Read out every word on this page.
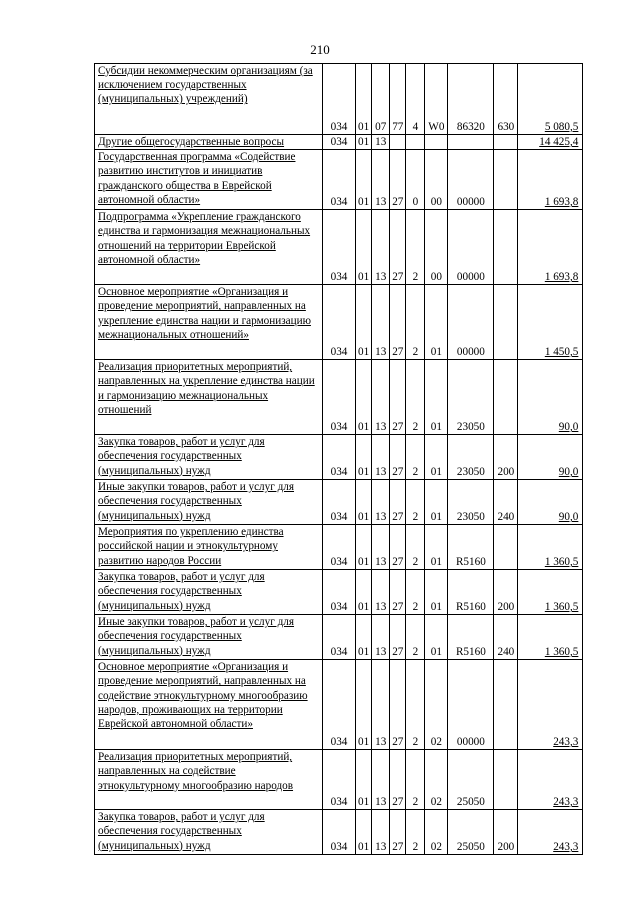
210
Субсидии некоммерческим организациям (за исключением государственных (муниципальных) учреждений)	034	01	07	77	4	W0	86320	630	5 080,5
Другие общегосударственные вопросы	034	01	13						14 425,4
Государственная программа «Содействие развитию институтов и инициатив гражданского общества в Еврейской автономной области»	034	01	13	27	0	00	00000		1 693,8
Подпрограмма «Укрепление гражданского единства и гармонизация межнациональных отношений на территории Еврейской автономной области»	034	01	13	27	2	00	00000		1 693,8
Основное мероприятие «Организация и проведение мероприятий, направленных на укрепление единства нации и гармонизацию межнациональных отношений»	034	01	13	27	2	01	00000		1 450,5
Реализация приоритетных мероприятий, направленных на укрепление единства нации и гармонизацию межнациональных отношений	034	01	13	27	2	01	23050		90,0
Закупка товаров, работ и услуг для обеспечения государственных (муниципальных) нужд	034	01	13	27	2	01	23050	200	90,0
Иные закупки товаров, работ и услуг для обеспечения государственных (муниципальных) нужд	034	01	13	27	2	01	23050	240	90,0
Мероприятия по укреплению единства российской нации и этнокультурному развитию народов России	034	01	13	27	2	01	R5160		1 360,5
Закупка товаров, работ и услуг для обеспечения государственных (муниципальных) нужд	034	01	13	27	2	01	R5160	200	1 360,5
Иные закупки товаров, работ и услуг для обеспечения государственных (муниципальных) нужд	034	01	13	27	2	01	R5160	240	1 360,5
Основное мероприятие «Организация и проведение мероприятий, направленных на содействие этнокультурному многообразию народов, проживающих на территории Еврейской автономной области»	034	01	13	27	2	02	00000		243,3
Реализация приоритетных мероприятий, направленных на содействие этнокультурному многообразию народов	034	01	13	27	2	02	25050		243,3
Закупка товаров, работ и услуг для обеспечения государственных (муниципальных) нужд	034	01	13	27	2	02	25050	200	243,3
